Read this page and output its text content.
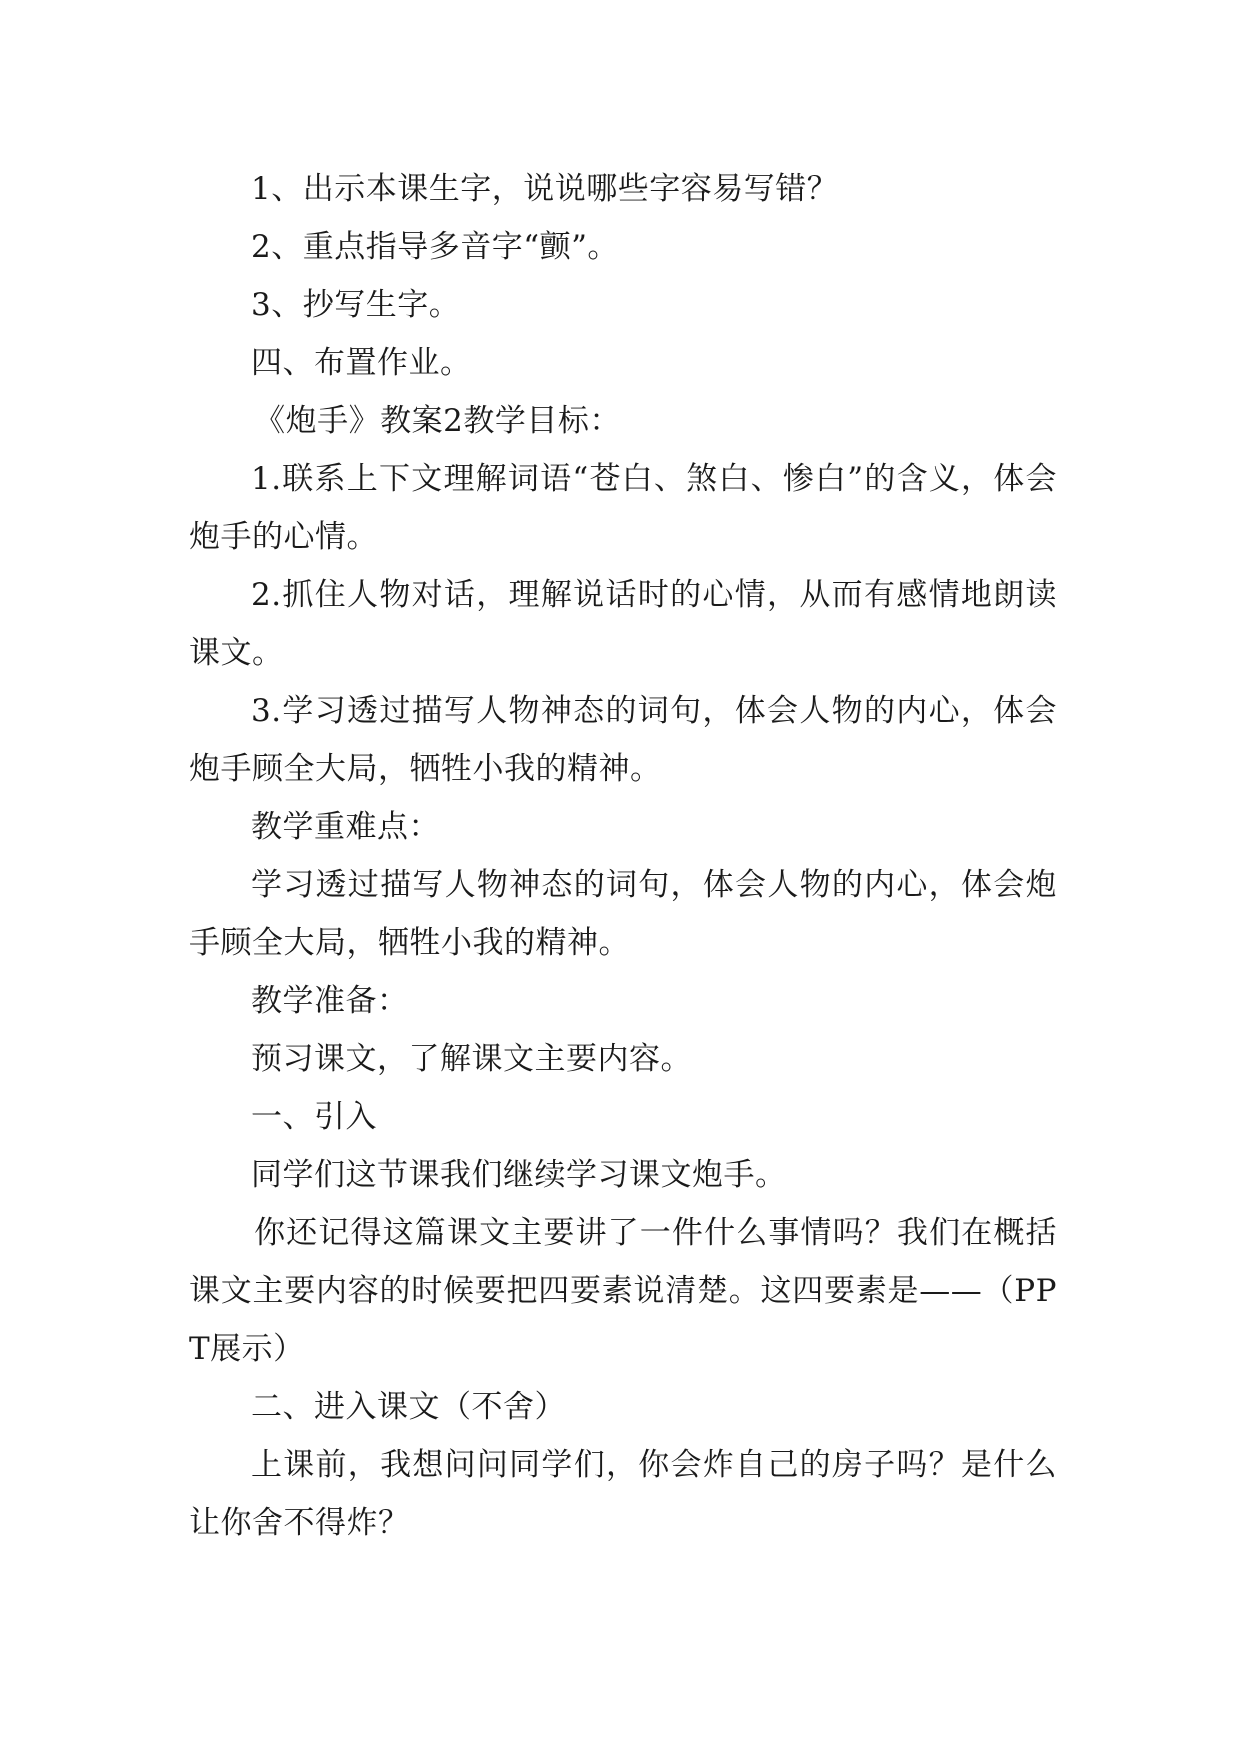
1、出示本课生字，说说哪些字容易写错？

2、重点指导多音字“颤”。

3、抄写生字。

四、布置作业。

《炮手》教案2教学目标：

1.联系上下文理解词语“苍白、煞白、惨白”的含义，体会炮手的心情。

2.抓住人物对话，理解说话时的心情，从而有感情地朗读课文。

3.学习透过描写人物神态的词句，体会人物的内心，体会炮手顾全大局，牺牲小我的精神。

教学重难点：

学习透过描写人物神态的词句，体会人物的内心，体会炮手顾全大局，牺牲小我的精神。

教学准备：

预习课文，了解课文主要内容。

一、引入

同学们这节课我们继续学习课文炮手。

你还记得这篇课文主要讲了一件什么事情吗？我们在概括课文主要内容的时候要把四要素说清楚。这四要素是——（PPT展示）

二、进入课文（不舍）

上课前，我想问问同学们，你会炸自己的房子吗？是什么让你舍不得炸？
